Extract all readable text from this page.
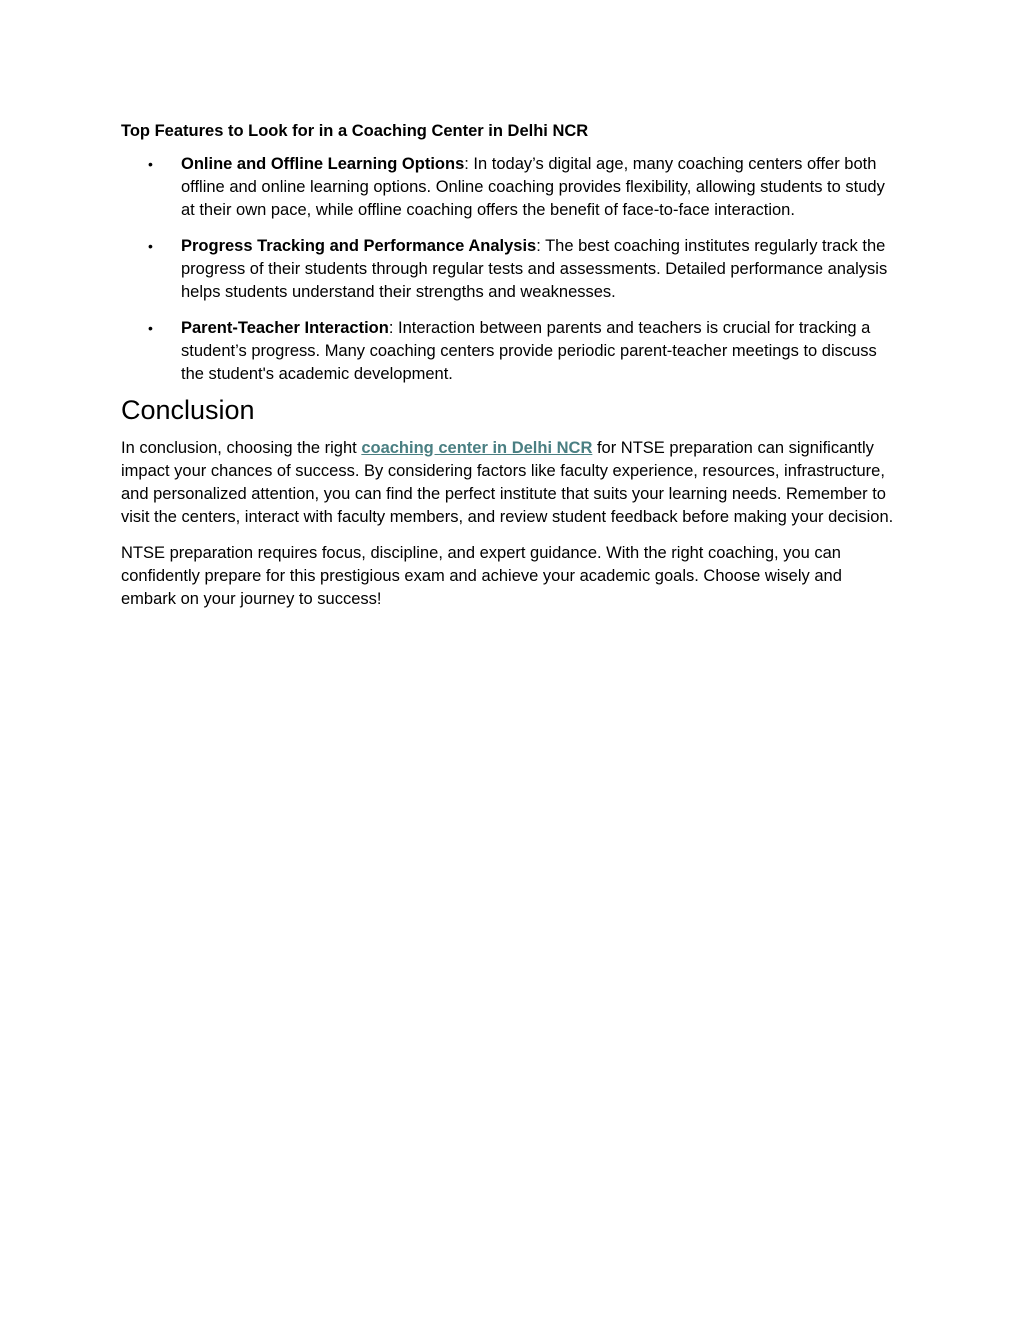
Top Features to Look for in a Coaching Center in Delhi NCR
• Online and Offline Learning Options: In today’s digital age, many coaching centers offer both offline and online learning options. Online coaching provides flexibility, allowing students to study at their own pace, while offline coaching offers the benefit of face-to-face interaction.
• Progress Tracking and Performance Analysis: The best coaching institutes regularly track the progress of their students through regular tests and assessments. Detailed performance analysis helps students understand their strengths and weaknesses.
• Parent-Teacher Interaction: Interaction between parents and teachers is crucial for tracking a student’s progress. Many coaching centers provide periodic parent-teacher meetings to discuss the student's academic development.
Conclusion

In conclusion, choosing the right coaching center in Delhi NCR for NTSE preparation can significantly impact your chances of success. By considering factors like faculty experience, resources, infrastructure, and personalized attention, you can find the perfect institute that suits your learning needs. Remember to visit the centers, interact with faculty members, and review student feedback before making your decision.

NTSE preparation requires focus, discipline, and expert guidance. With the right coaching, you can confidently prepare for this prestigious exam and achieve your academic goals. Choose wisely and embark on your journey to success!
